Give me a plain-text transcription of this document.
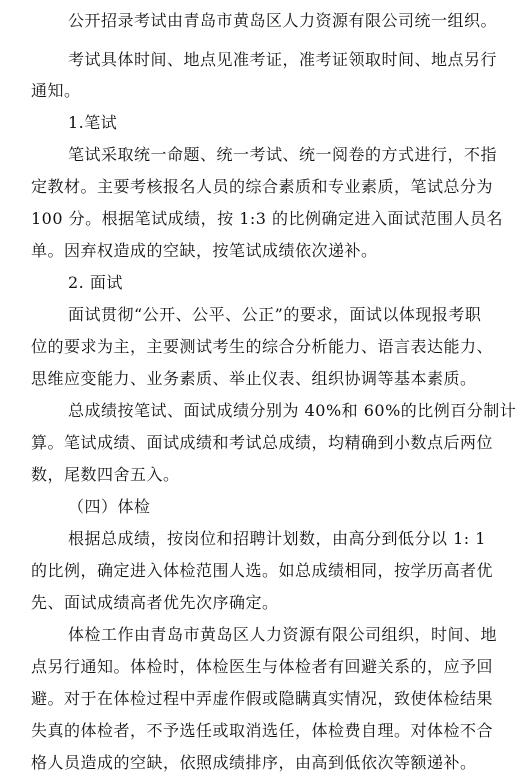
公开招录考试由青岛市黄岛区人力资源有限公司统一组织。
考试具体时间、地点见准考证，准考证领取时间、地点另行
通知。
1.笔试
笔试采取统一命题、统一考试、统一阅卷的方式进行，不指
定教材。主要考核报名人员的综合素质和专业素质，笔试总分为
100 分。根据笔试成绩，按 1:3 的比例确定进入面试范围人员名
单。因弃权造成的空缺，按笔试成绩依次递补。
2. 面试
面试贯彻“公开、公平、公正”的要求，面试以体现报考职
位的要求为主，主要测试考生的综合分析能力、语言表达能力、
思维应变能力、业务素质、举止仪表、组织协调等基本素质。
总成绩按笔试、面试成绩分别为 40%和 60%的比例百分制计
算。笔试成绩、面试成绩和考试总成绩，均精确到小数点后两位
数，尾数四舍五入。
（四）体检
根据总成绩，按岗位和招聘计划数，由高分到低分以 1: 1
的比例，确定进入体检范围人选。如总成绩相同，按学历高者优
先、面试成绩高者优先次序确定。
体检工作由青岛市黄岛区人力资源有限公司组织，时间、地
点另行通知。体检时，体检医生与体检者有回避关系的，应予回
避。对于在体检过程中弄虚作假或隐瞒真实情况，致使体检结果
失真的体检者，不予选任或取消选任，体检费自理。对体检不合
格人员造成的空缺，依照成绩排序，由高到低依次等额递补。
